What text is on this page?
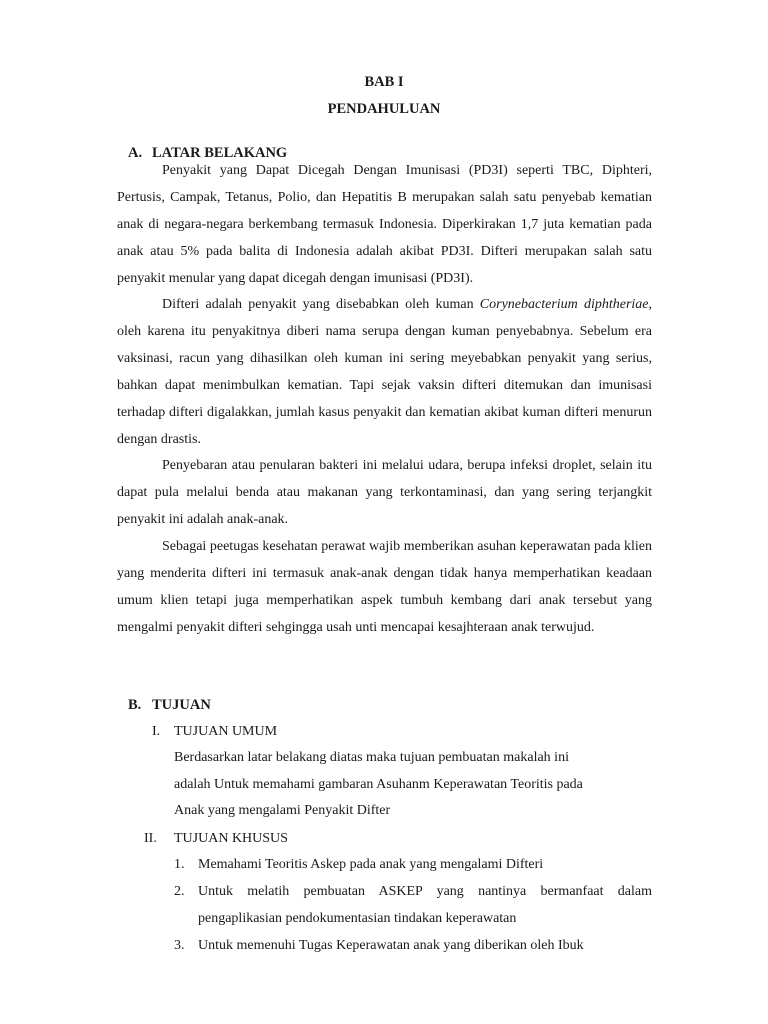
BAB I
PENDAHULUAN
A. LATAR BELAKANG

Penyakit yang Dapat Dicegah Dengan Imunisasi (PD3I) seperti TBC, Diphteri, Pertusis, Campak, Tetanus, Polio, dan Hepatitis B merupakan salah satu penyebab kematian anak di negara-negara berkembang termasuk Indonesia. Diperkirakan 1,7 juta kematian pada anak atau 5% pada balita di Indonesia adalah akibat PD3I. Difteri merupakan salah satu penyakit menular yang dapat dicegah dengan imunisasi (PD3I).

Difteri adalah penyakit yang disebabkan oleh kuman Corynebacterium diphtheriae, oleh karena itu penyakitnya diberi nama serupa dengan kuman penyebabnya. Sebelum era vaksinasi, racun yang dihasilkan oleh kuman ini sering meyebabkan penyakit yang serius, bahkan dapat menimbulkan kematian. Tapi sejak vaksin difteri ditemukan dan imunisasi terhadap difteri digalakkan, jumlah kasus penyakit dan kematian akibat kuman difteri menurun dengan drastis.

Penyebaran atau penularan bakteri ini melalui udara, berupa infeksi droplet, selain itu dapat pula melalui benda atau makanan yang terkontaminasi, dan yang sering terjangkit penyakit ini adalah anak-anak.

Sebagai peetugas kesehatan perawat wajib memberikan asuhan keperawatan pada klien yang menderita difteri ini termasuk anak-anak dengan tidak hanya memperhatikan keadaan umum klien tetapi juga memperhatikan aspek tumbuh kembang dari anak tersebut yang mengalmi penyakit difteri sehgingga usah unti mencapai kesajhteraan anak terwujud.

B. TUJUAN
I. TUJUAN UMUM

Berdasarkan latar belakang diatas maka tujuan pembuatan makalah ini
adalah Untuk memahami gambaran Asuhanm Keperawatan Teoritis pada
Anak yang mengalami Penyakit Difter

II. TUJUAN KHUSUS
1. Memahami Teoritis Askep pada anak yang mengalami Difteri
2. Untuk melatih pembuatan ASKEP yang nantinya bermanfaat dalam pengaplikasian pendokumentasian tindakan keperawatan
3. Untuk memenuhi Tugas Keperawatan anak yang diberikan oleh Ibuk
